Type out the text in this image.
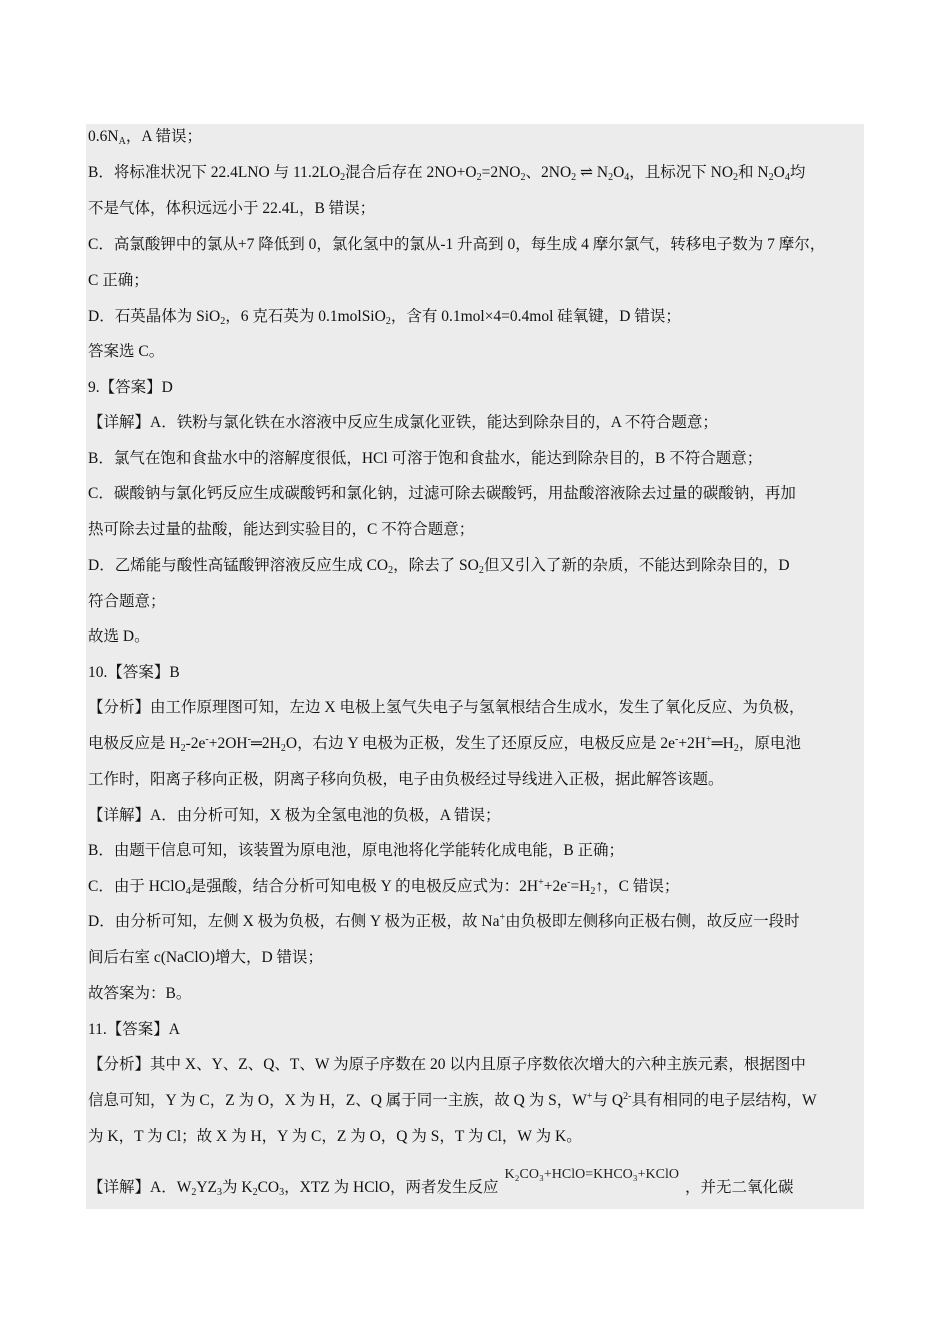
$0.6N_A$，A 错误；
B．将标准状况下 22.4LNO 与 $11.2LO_2$混合后存在 $2NO+O_2=2NO_2$、$2NO_2$ ⇌ $N_2O_4$，且标况下 $NO_2$和 $N_2O_4$均
不是气体，体积远远小于 22.4L，B 错误；
C．高氯酸钾中的氯从+7 降低到 0，氯化氢中的氯从-1 升高到 0，每生成 4 摩尔氯气，转移电子数为 7 摩尔，
C 正确；
D．石英晶体为 SiO$_2$，6 克石英为 0.1molSiO$_2$，含有 0.1mol×4=0.4mol 硅氧键，D 错误；
答案选 C。
9.【答案】D
【详解】A．铁粉与氯化铁在水溶液中反应生成氯化亚铁，能达到除杂目的，A 不符合题意；
B．氯气在饱和食盐水中的溶解度很低，HCl 可溶于饱和食盐水，能达到除杂目的，B 不符合题意；
C．碳酸钠与氯化钙反应生成碳酸钙和氯化钠，过滤可除去碳酸钙，用盐酸溶液除去过量的碳酸钠，再加
热可除去过量的盐酸，能达到实验目的，C 不符合题意；
D．乙烯能与酸性高锰酸钾溶液反应生成 $CO_2$，除去了 $SO_2$但又引入了新的杂质，不能达到除杂目的，D
符合题意；
故选 D。
10.【答案】B
【分析】由工作原理图可知，左边 X 电极上氢气失电子与氢氧根结合生成水，发生了氧化反应、为负极，
电极反应是 $H_2-2e^-+2OH^-═2H_2O$，右边 Y 电极为正极，发生了还原反应，电极反应是 $2e^-+2H^+═H_2$，原电池
工作时，阳离子移向正极，阴离子移向负极，电子由负极经过导线进入正极，据此解答该题。
【详解】A．由分析可知，X 极为全氢电池的负极，A 错误；
B．由题干信息可知，该装置为原电池，原电池将化学能转化成电能，B 正确；
C．由于 HClO$_4$是强酸，结合分析可知电极 Y 的电极反应式为：$2H^++2e^-=H_2↑$，C 错误；
D．由分析可知，左侧 X 极为负极，右侧 Y 极为正极，故 Na+由负极即左侧移向正极右侧，故反应一段时
间后右室 c(NaClO)增大，D 错误；
故答案为：B。
11.【答案】A
【分析】其中 X、Y、Z、Q、T、W 为原子序数在 20 以内且原子序数依次增大的六种主族元素，根据图中
信息可知，Y 为 C，Z 为 O，X 为 H，Z、Q 属于同一主族，故 Q 为 S，W+与 $Q^{2-}$具有相同的电子层结构，W
为 K，T 为 Cl；故 X 为 H，Y 为 C，Z 为 O，Q 为 S，T 为 Cl，W 为 K。
【详解】A．$W_2YZ_3$为 $K_2CO_3$，XTZ 为 HClO，两者发生反应K₂CO₃+HClO=KHCO₃+KClO，并无二氧化碳
